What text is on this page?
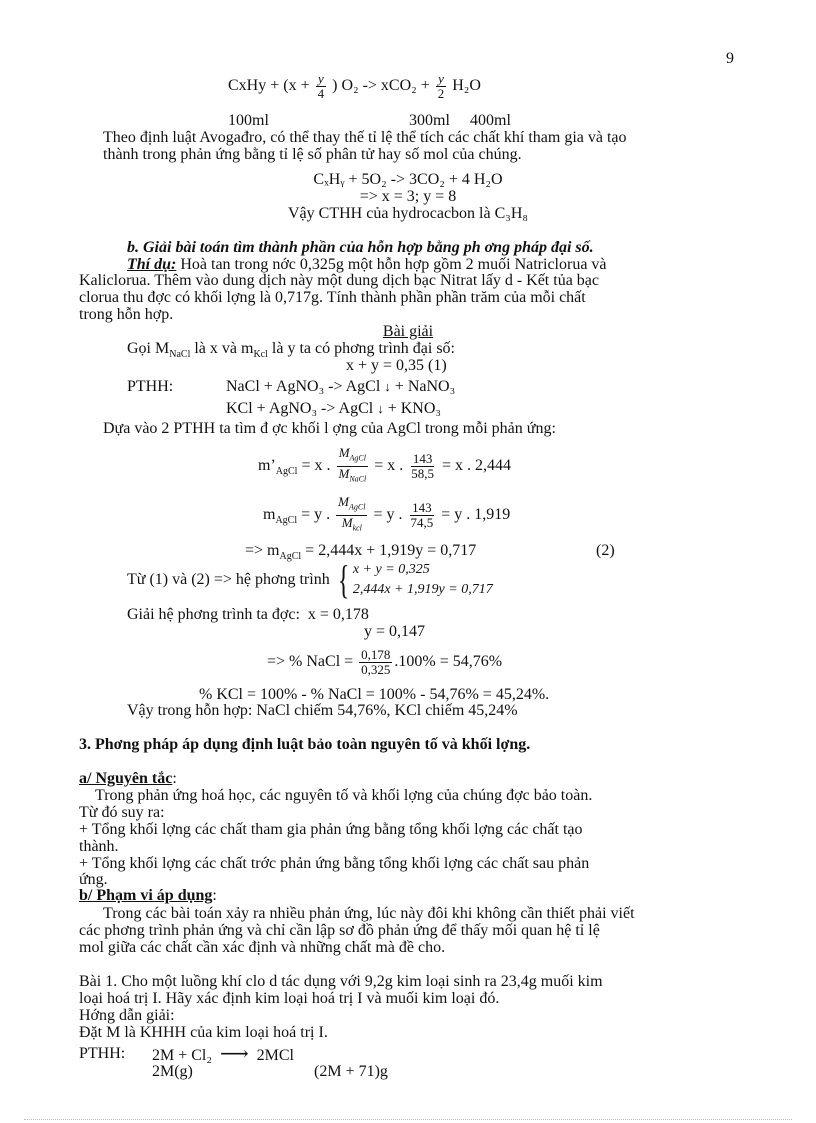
9
CxHy + ($x + \frac{y}{4}$ ) $O_2 -> xCO_2 + \frac{y}{2} H_2O$
100ml	300ml 400ml
Theo định luật Avogađro, có thể thay thế tỉ lệ thể tích các chất khí tham gia và tạo
thành trong phản ứng bằng tỉ lệ số phân tử hay số mol của chúng.
CₓHᵧ + 5O₂ -> 3CO₂ + 4 H₂O
=> x = 3; y = 8
Vậy CTHH của hydrocacbon là C₃H₈
b. Giải bài toán tìm thành phần của hỗn hợp bằng ph ơng pháp đại số.
Thí dụ: Hoà tan trong nớc 0,325g một hỗn hợp gồm 2 muối Natriclorua và
Kaliclorua. Thêm vào dung dịch này một dung dịch bạc Nitrat lấy d - Kết tủa bạc
clorua thu đợc có khối lợng là 0,717g. Tính thành phần phần trăm của mỗi chất
trong hỗn hợp.
Bài giải
Gọi $M_{NaCl}$ là x và $m_{Kcl}$ là y ta có phơng trình đại số:
x + y = 0,35 (1)
PTHH:	NaCl + AgNO₃ -> AgCl ↓ + NaNO₃
KCl + AgNO₃ -> AgCl ↓ + KNO₃
Dựa vào 2 PTHH ta tìm đ ợc khối l ợng của AgCl trong mỗi phản ứng:
$m’_{AgCl} = x$ . $\frac{M_{AgCl}}{M_{NaCl}} = x$ . $\frac{143}{58,5} = x$ . 2,444
$m_{AgCl} = y$ . $\frac{M_{AgCl}}{M_{kcl}} = y$ . $\frac{143}{74,5} = y$ . 1,919
=> $m_{AgCl} = 2,444x + 1,919y = 0,717$	(2)
Từ (1) và (2) => hệ phơng trình { x + y = 0,325
2,444x + 1,919y = 0,717
Giải hệ phơng trình ta đợc: x = 0,178
y = 0,147
=> % NaCl = $\frac{0,178}{0,325} .100\% = 54,76\%$
% KCl = 100% - % NaCl = 100% - 54,76% = 45,24%.
Vậy trong hỗn hợp: NaCl chiếm 54,76%, KCl chiếm 45,24%
3. Phơng pháp áp dụng định luật bảo toàn nguyên tố và khối lợng.
a/ Nguyên tắc:
Trong phản ứng hoá học, các nguyên tố và khối lợng của chúng đợc bảo toàn.
Từ đó suy ra:
+ Tổng khối lợng các chất tham gia phản ứng bằng tổng khối lợng các chất tạo
thành.
+ Tổng khối lợng các chất trớc phản ứng bằng tổng khối lợng các chất sau phản
ứng.
b/ Phạm vi áp dụng:
Trong các bài toán xảy ra nhiều phản ứng, lúc này đôi khi không cần thiết phải viết
các phơng trình phản ứng và chỉ cần lập sơ đồ phản ứng để thấy mối quan hệ tỉ lệ
mol giữa các chất cần xác định và những chất mà đề cho.
Bài 1. Cho một luồng khí clo d tác dụng với 9,2g kim loại sinh ra 23,4g muối kim
loại hoá trị I. Hãy xác định kim loại hoá trị I và muối kim loại đó.
Hớng dẫn giải:
Đặt M là KHHH của kim loại hoá trị I.
PTHH: 2M + Cl₂ ⟶ 2MCl
2M(g)	(2M + 71)g
